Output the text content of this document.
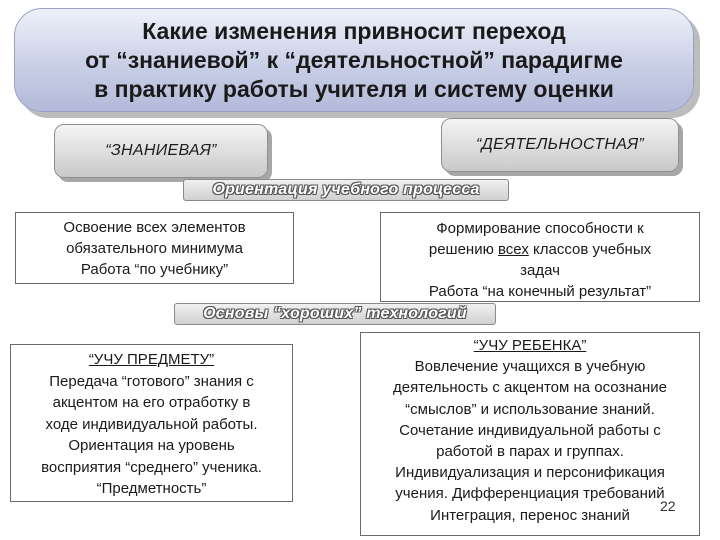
Какие изменения привносит переход
от “знаниевой” к “деятельностной” парадигме
в практику работы учителя и систему оценки
“ЗНАНИЕВАЯ”	“ДЕЯТЕЛЬНОСТНАЯ”
Освоение всех элементов
обязательного минимума
Работа “по учебнику”
Формирование способности к
решению всех классов учебных
задач
Работа “на конечный результат”
Ориентация учебного процесса
“УЧУ ПРЕДМЕТУ”
Передача “готового” знания с
акцентом на его отработку в
ходе индивидуальной работы.
Ориентация на уровень
восприятия “среднего” ученика.
“Предметность”
“УЧУ РЕБЕНКА”
Вовлечение учащихся в учебную
деятельность с акцентом на осознание
“смыслов” и использование знаний.
Сочетание индивидуальной работы с
работой в парах и группах.
Индивидуализация и персонификация
учения. Дифференциация требований
Интеграция, перенос знаний
Основы “хороших” технологий
22
